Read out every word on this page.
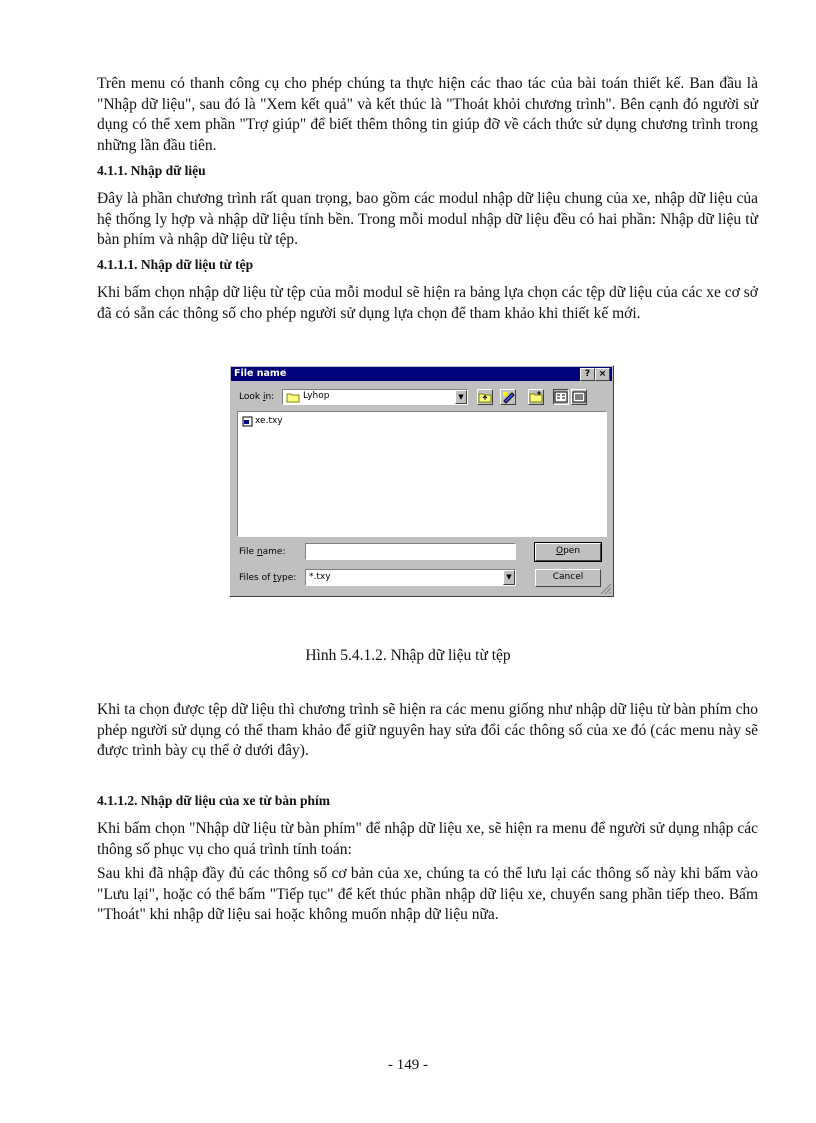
Trên menu có thanh công cụ cho phép chúng ta thực hiện các thao tác của bài toán thiết kế. Ban đầu là "Nhập dữ liệu", sau đó là "Xem kết quả" và kết thúc là "Thoát khỏi chương trình". Bên cạnh đó người sử dụng có thể xem phần "Trợ giúp" để biết thêm thông tin giúp đỡ về cách thức sử dụng chương trình trong những lần đầu tiên.

4.1.1. Nhập dữ liệu

Đây là phần chương trình rất quan trọng, bao gồm các modul nhập dữ liệu chung của xe, nhập dữ liệu của hệ thống ly hợp và nhập dữ liệu tính bền. Trong mỗi modul nhập dữ liệu đều có hai phần: Nhập dữ liệu từ bàn phím và nhập dữ liệu từ tệp.

4.1.1.1. Nhập dữ liệu từ tệp

Khi bấm chọn nhập dữ liệu từ tệp của mỗi modul sẽ hiện ra bảng lựa chọn các tệp dữ liệu của các xe cơ sở đã có sẵn các thông số cho phép người sử dụng lựa chọn để tham khảo khi thiết kế mới.

File name	? ×
Look in:	Lyhop	▼
xe.txy
File name:
Files of type: *.txy	▼
Open
Cancel
Hình 5.4.1.2. Nhập dữ liệu từ tệp

Khi ta chọn được tệp dữ liệu thì chương trình sẽ hiện ra các menu giống như nhập dữ liệu từ bàn phím cho phép người sử dụng có thể tham khảo để giữ nguyên hay sửa đổi các thông số của xe đó (các menu này sẽ được trình bày cụ thể ở dưới đây).

4.1.1.2. Nhập dữ liệu của xe từ bàn phím

Khi bấm chọn "Nhập dữ liệu từ bàn phím" để nhập dữ liệu xe, sẽ hiện ra menu để người sử dụng nhập các thông số phục vụ cho quá trình tính toán:

Sau khi đã nhập đầy đủ các thông số cơ bản của xe, chúng ta có thể lưu lại các thông số này khi bấm vào "Lưu lại", hoặc có thể bấm "Tiếp tục" để kết thúc phần nhập dữ liệu xe, chuyển sang phần tiếp theo. Bấm "Thoát" khi nhập dữ liệu sai hoặc không muốn nhập dữ liệu nữa.

- 149 -
